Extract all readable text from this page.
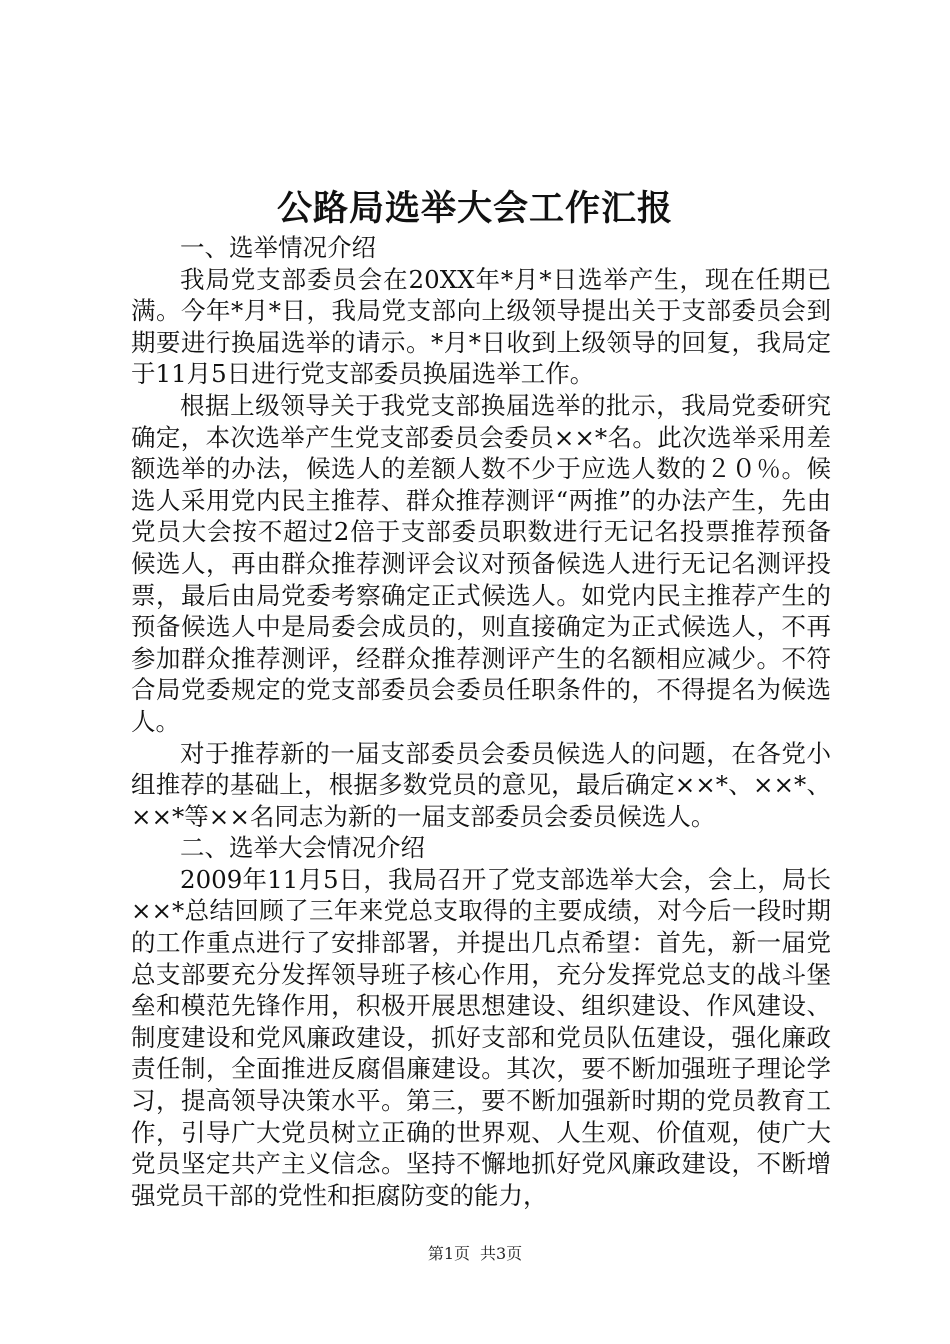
公路局选举大会工作汇报

一、选举情况介绍

我局党支部委员会在20XX年*月*日选举产生，现在任期已满。今年*月*日，我局党支部向上级领导提出关于支部委员会到期要进行换届选举的请示。*月*日收到上级领导的回复，我局定于11月5日进行党支部委员换届选举工作。

根据上级领导关于我党支部换届选举的批示，我局党委研究确定，本次选举产生党支部委员会委员××*名。此次选举采用差额选举的办法，候选人的差额人数不少于应选人数的２０％。候选人采用党内民主推荐、群众推荐测评“两推”的办法产生，先由党员大会按不超过2倍于支部委员职数进行无记名投票推荐预备候选人，再由群众推荐测评会议对预备候选人进行无记名测评投票，最后由局党委考察确定正式候选人。如党内民主推荐产生的预备候选人中是局委会成员的，则直接确定为正式候选人，不再参加群众推荐测评，经群众推荐测评产生的名额相应减少。不符合局党委规定的党支部委员会委员任职条件的，不得提名为候选人。

对于推荐新的一届支部委员会委员候选人的问题，在各党小组推荐的基础上，根据多数党员的意见，最后确定××*、××*、××*等××名同志为新的一届支部委员会委员候选人。

二、选举大会情况介绍

2009年11月5日，我局召开了党支部选举大会，会上，局长××*总结回顾了三年来党总支取得的主要成绩，对今后一段时期的工作重点进行了安排部署，并提出几点希望：首先，新一届党总支部要充分发挥领导班子核心作用，充分发挥党总支的战斗堡垒和模范先锋作用，积极开展思想建设、组织建设、作风建设、制度建设和党风廉政建设，抓好支部和党员队伍建设，强化廉政责任制，全面推进反腐倡廉建设。其次，要不断加强班子理论学习，提高领导决策水平。第三，要不断加强新时期的党员教育工作，引导广大党员树立正确的世界观、人生观、价值观，使广大党员坚定共产主义信念。坚持不懈地抓好党风廉政建设，不断增强党员干部的党性和拒腐防变的能力，

第1页 共3页
